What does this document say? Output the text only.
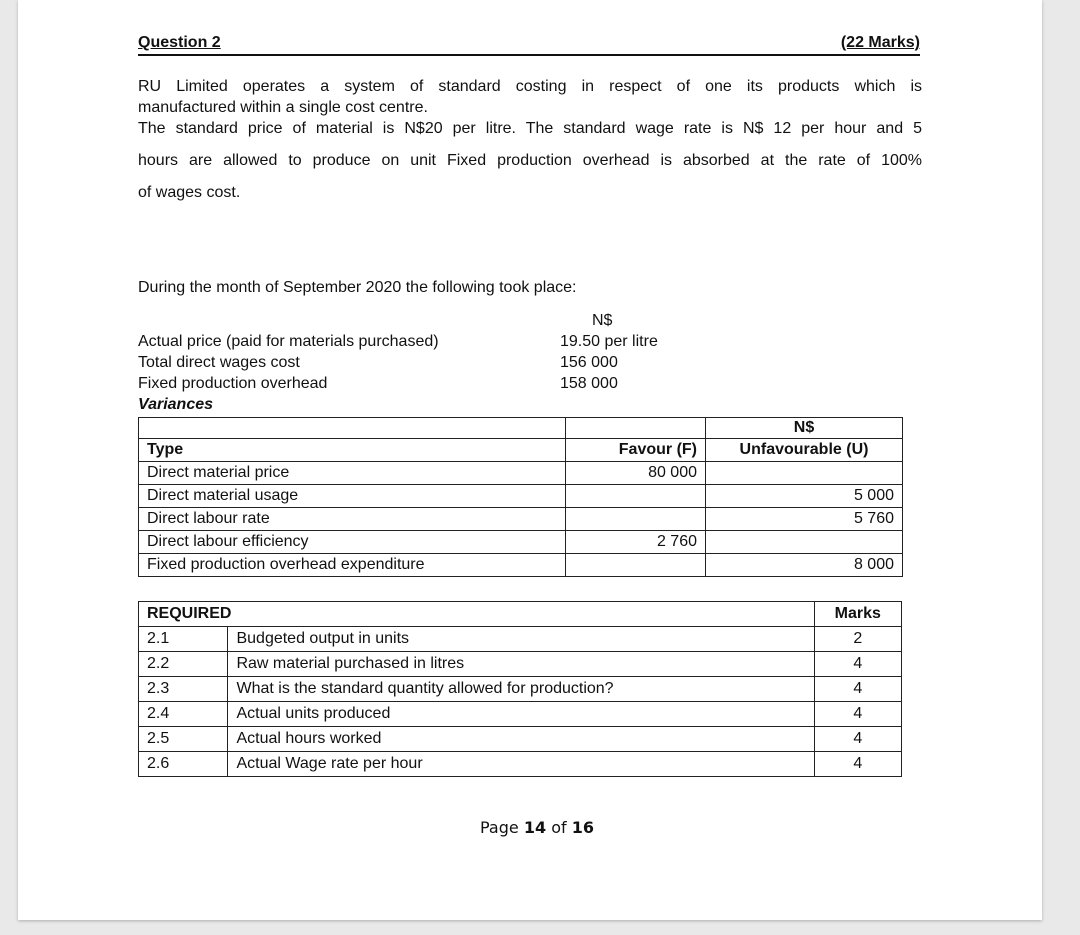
Question 2	(22 Marks)
RU Limited operates a system of standard costing in respect of one its products which is
manufactured within a single cost centre.
The standard price of material is N$20 per litre. The standard wage rate is N$ 12 per hour and 5
hours are allowed to produce on unit Fixed production overhead is absorbed at the rate of 100%
of wages cost.
During the month of September 2020 the following took place:
N$
Actual price (paid for materials purchased)	19.50 per litre
Total direct wages cost	156 000
Fixed production overhead	158 000
Variances
		N$
Type	Favour (F)	Unfavourable (U)
Direct material price	80 000	
Direct material usage		5 000
Direct labour rate		5 760
Direct labour efficiency	2 760	
Fixed production overhead expenditure		8 000
REQUIRED		Marks
2.1	Budgeted output in units	2
2.2	Raw material purchased in litres	4
2.3	What is the standard quantity allowed for production?	4
2.4	Actual units produced	4
2.5	Actual hours worked	4
2.6	Actual Wage rate per hour	4
Page 14 of 16
